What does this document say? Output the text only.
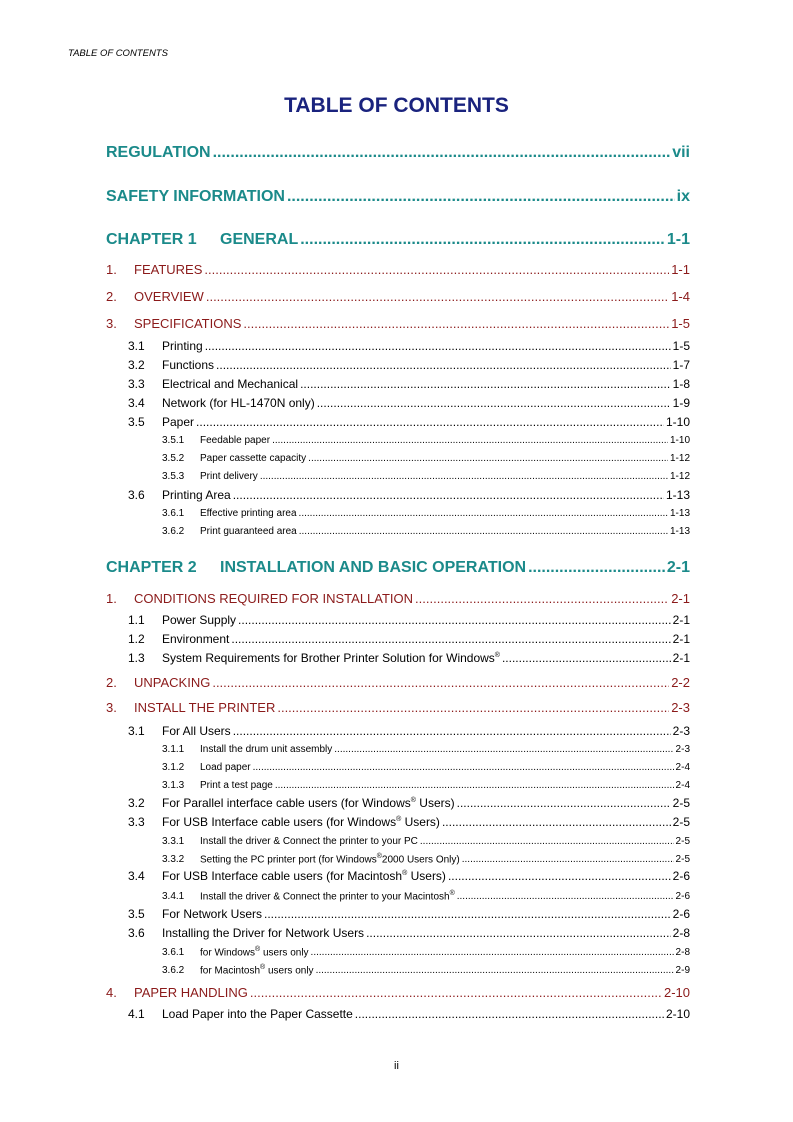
TABLE OF CONTENTS
TABLE OF CONTENTS
REGULATION .....	vii
SAFETY INFORMATION .....	ix
CHAPTER 1	GENERAL .....	1-1
1.	FEATURES .....	1-1
2.	OVERVIEW .....	1-4
3.	SPECIFICATIONS .....	1-5
3.1	Printing .....	1-5
3.2	Functions .....	1-7
3.3	Electrical and Mechanical .....	1-8
3.4	Network (for HL-1470N only) .....	1-9
3.5	Paper .....	1-10
3.5.1	Feedable paper .....	1-10
3.5.2	Paper cassette capacity .....	1-12
3.5.3	Print delivery .....	1-12
3.6	Printing Area .....	1-13
3.6.1	Effective printing area .....	1-13
3.6.2	Print guaranteed area .....	1-13
CHAPTER 2	INSTALLATION AND BASIC OPERATION .....	2-1
1.	CONDITIONS REQUIRED FOR INSTALLATION .....	2-1
1.1	Power Supply .....	2-1
1.2	Environment .....	2-1
1.3	System Requirements for Brother Printer Solution for Windows® .....	2-1
2.	UNPACKING .....	2-2
3.	INSTALL THE PRINTER .....	2-3
3.1	For All Users .....	2-3
3.1.1	Install the drum unit assembly .....	2-3
3.1.2	Load paper .....	2-4
3.1.3	Print a test page .....	2-4
3.2	For Parallel interface cable users (for Windows® Users) .....	2-5
3.3	For USB Interface cable users (for Windows® Users) .....	2-5
3.3.1	Install the driver & Connect the printer to your PC .....	2-5
3.3.2	Setting the PC printer port (for Windows®2000 Users Only) .....	2-5
3.4	For USB Interface cable users (for Macintosh® Users) .....	2-6
3.4.1	Install the driver & Connect the printer to your Macintosh® .....	2-6
3.5	For Network Users .....	2-6
3.6	Installing the Driver for Network Users .....	2-8
3.6.1	for Windows® users only .....	2-8
3.6.2	for Macintosh® users only .....	2-9
4.	PAPER HANDLING .....	2-10
4.1	Load Paper into the Paper Cassette .....	2-10
ii
